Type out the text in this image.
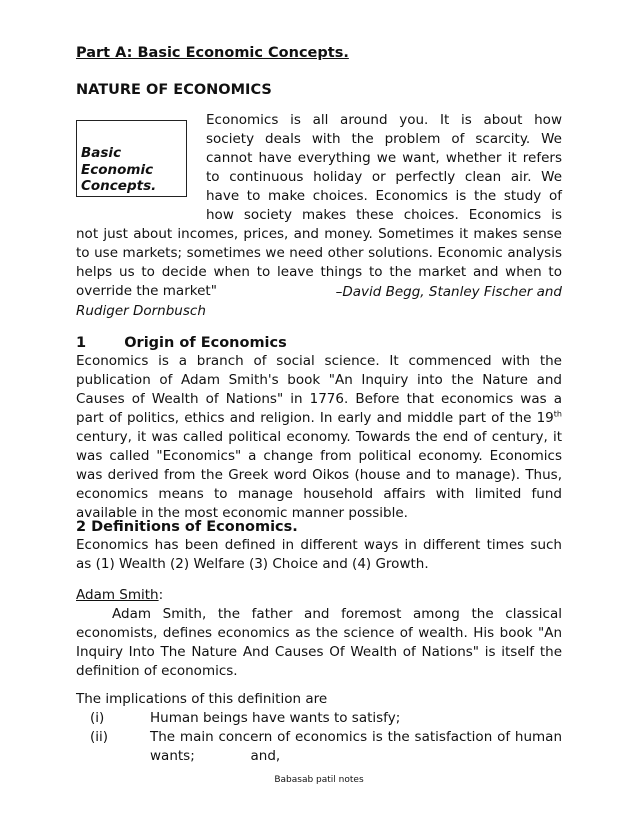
Part A: Basic Economic Concepts.
NATURE OF ECONOMICS
Basic
Economic
Concepts.
Economics is all around you. It is about how
society deals with the problem of scarcity. We
cannot have everything we want, whether it refers
to continuous holiday or perfectly clean air. We
have to make choices. Economics is the study of
how society makes these choices. Economics is
not just about incomes, prices, and money. Sometimes it makes sense to use markets; sometimes we need other solutions. Economic analysis helps us to decide when to leave things to the market and when to override the market"	–David Begg, Stanley Fischer and
Rudiger Dornbusch
1	Origin of Economics
Economics is a branch of social science. It commenced with the publication of Adam Smith's book "An Inquiry into the Nature and Causes of Wealth of Nations" in 1776. Before that economics was a part of politics, ethics and religion. In early and middle part of the 19th century, it was called political economy. Towards the end of century, it was called "Economics" a change from political economy. Economics was derived from the Greek word Oikos (house and to manage). Thus, economics means to manage household affairs with limited fund available in the most economic manner possible.
2 Definitions of Economics.
Economics has been defined in different ways in different times such as (1) Wealth (2) Welfare (3) Choice and (4) Growth.
Adam Smith:
Adam Smith, the father and foremost among the classical economists, defines economics as the science of wealth. His book "An Inquiry Into The Nature And Causes Of Wealth of Nations" is itself the definition of economics.
The implications of this definition are
(i)	Human beings have wants to satisfy;
(ii)	The main concern of economics is the satisfaction of human wants;             and,
Babasab patil notes
